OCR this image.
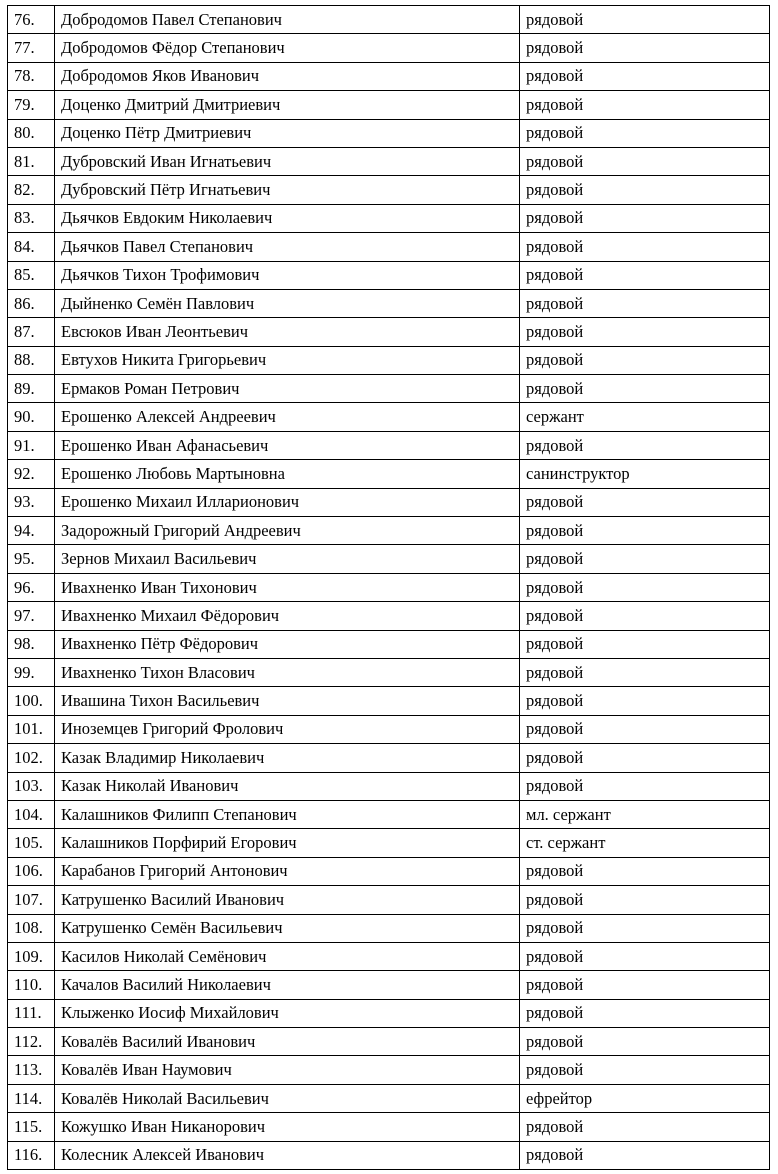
76.	Добродомов Павел Степанович	рядовой
77.	Добродомов Фёдор Степанович	рядовой
78.	Добродомов Яков Иванович	рядовой
79.	Доценко Дмитрий Дмитриевич	рядовой
80.	Доценко Пётр Дмитриевич	рядовой
81.	Дубровский Иван Игнатьевич	рядовой
82.	Дубровский Пётр Игнатьевич	рядовой
83.	Дьячков Евдоким Николаевич	рядовой
84.	Дьячков Павел Степанович	рядовой
85.	Дьячков Тихон Трофимович	рядовой
86.	Дыйненко Семён Павлович	рядовой
87.	Евсюков Иван Леонтьевич	рядовой
88.	Евтухов Никита Григорьевич	рядовой
89.	Ермаков Роман Петрович	рядовой
90.	Ерошенко Алексей Андреевич	сержант
91.	Ерошенко Иван Афанасьевич	рядовой
92.	Ерошенко Любовь Мартыновна	санинструктор
93.	Ерошенко Михаил Илларионович	рядовой
94.	Задорожный Григорий Андреевич	рядовой
95.	Зернов Михаил Васильевич	рядовой
96.	Ивахненко Иван Тихонович	рядовой
97.	Ивахненко Михаил Фёдорович	рядовой
98.	Ивахненко Пётр Фёдорович	рядовой
99.	Ивахненко Тихон Власович	рядовой
100.	Ивашина Тихон Васильевич	рядовой
101.	Иноземцев Григорий Фролович	рядовой
102.	Казак Владимир Николаевич	рядовой
103.	Казак Николай Иванович	рядовой
104.	Калашников Филипп Степанович	мл. сержант
105.	Калашников Порфирий Егорович	ст. сержант
106.	Карабанов Григорий Антонович	рядовой
107.	Катрушенко Василий Иванович	рядовой
108.	Катрушенко Семён Васильевич	рядовой
109.	Касилов Николай Семёнович	рядовой
110.	Качалов Василий Николаевич	рядовой
111.	Клыженко Иосиф Михайлович	рядовой
112.	Ковалёв Василий Иванович	рядовой
113.	Ковалёв Иван Наумович	рядовой
114.	Ковалёв Николай Васильевич	ефрейтор
115.	Кожушко Иван Никанорович	рядовой
116.	Колесник Алексей Иванович	рядовой
